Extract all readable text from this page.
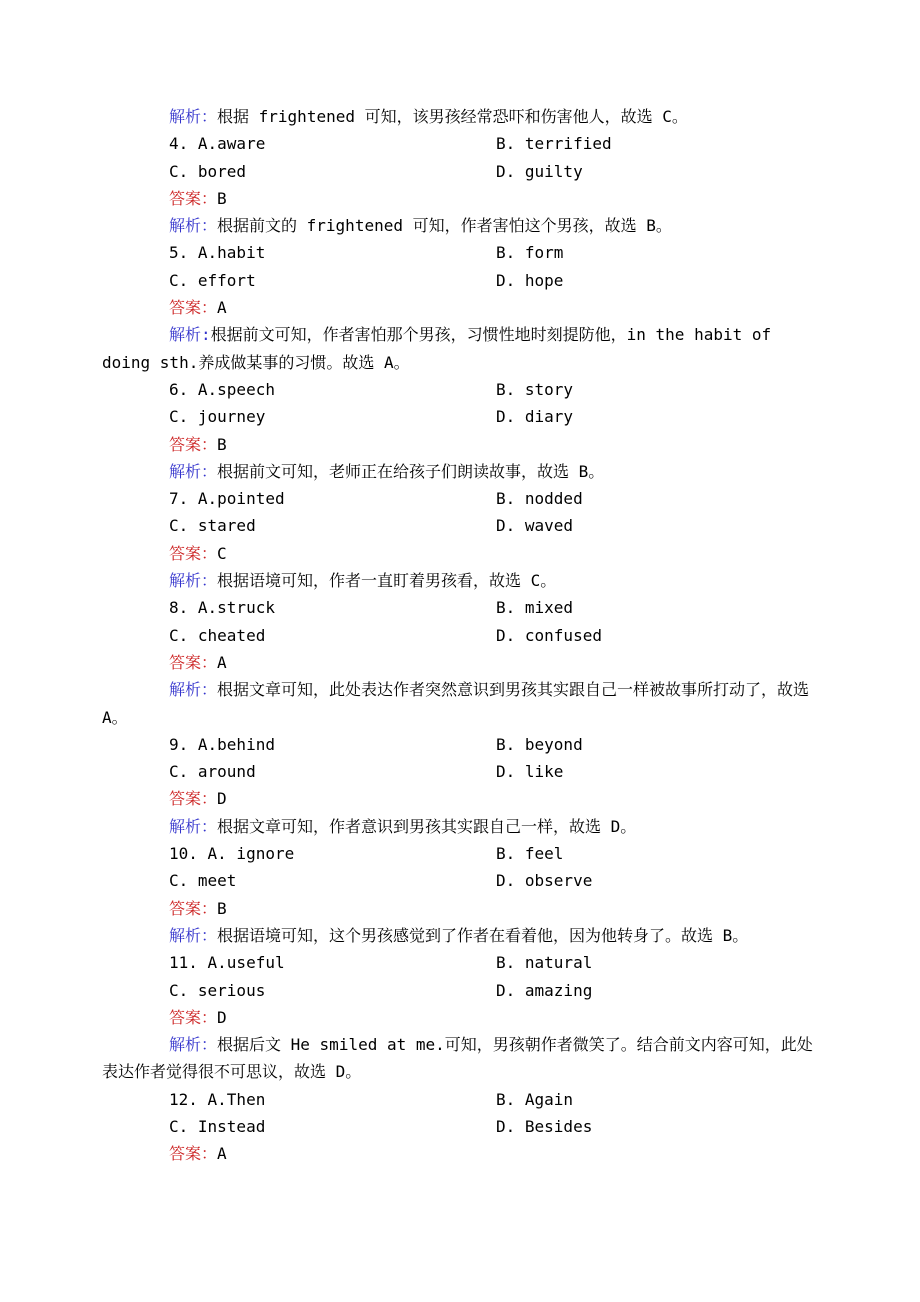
解析：根据 frightened 可知，该男孩经常恐吓和伤害他人，故选 C。

4. A.aware	B. terrified
C. bored	D. guilty

答案：B

解析：根据前文的 frightened 可知，作者害怕这个男孩，故选 B。

5. A.habit	B. form
C. effort	D. hope

答案：A

解析:根据前文可知，作者害怕那个男孩，习惯性地时刻提防他，in the habit of doing sth.养成做某事的习惯。故选 A。

6. A.speech	B. story
C. journey	D. diary

答案：B

解析：根据前文可知，老师正在给孩子们朗读故事，故选 B。

7. A.pointed	B. nodded
C. stared	D. waved

答案：C

解析：根据语境可知，作者一直盯着男孩看，故选 C。

8. A.struck	B. mixed
C. cheated	D. confused

答案：A

解析：根据文章可知，此处表达作者突然意识到男孩其实跟自己一样被故事所打动了，故选 A。

9. A.behind	B. beyond
C. around	D. like

答案：D

解析：根据文章可知，作者意识到男孩其实跟自己一样，故选 D。

10. A. ignore	B. feel
C. meet	D. observe

答案：B

解析：根据语境可知，这个男孩感觉到了作者在看着他，因为他转身了。故选 B。

11. A.useful	B. natural
C. serious	D. amazing

答案：D

解析：根据后文 He smiled at me.可知，男孩朝作者微笑了。结合前文内容可知，此处表达作者觉得很不可思议，故选 D。

12. A.Then	B. Again
C. Instead	D. Besides

答案：A
